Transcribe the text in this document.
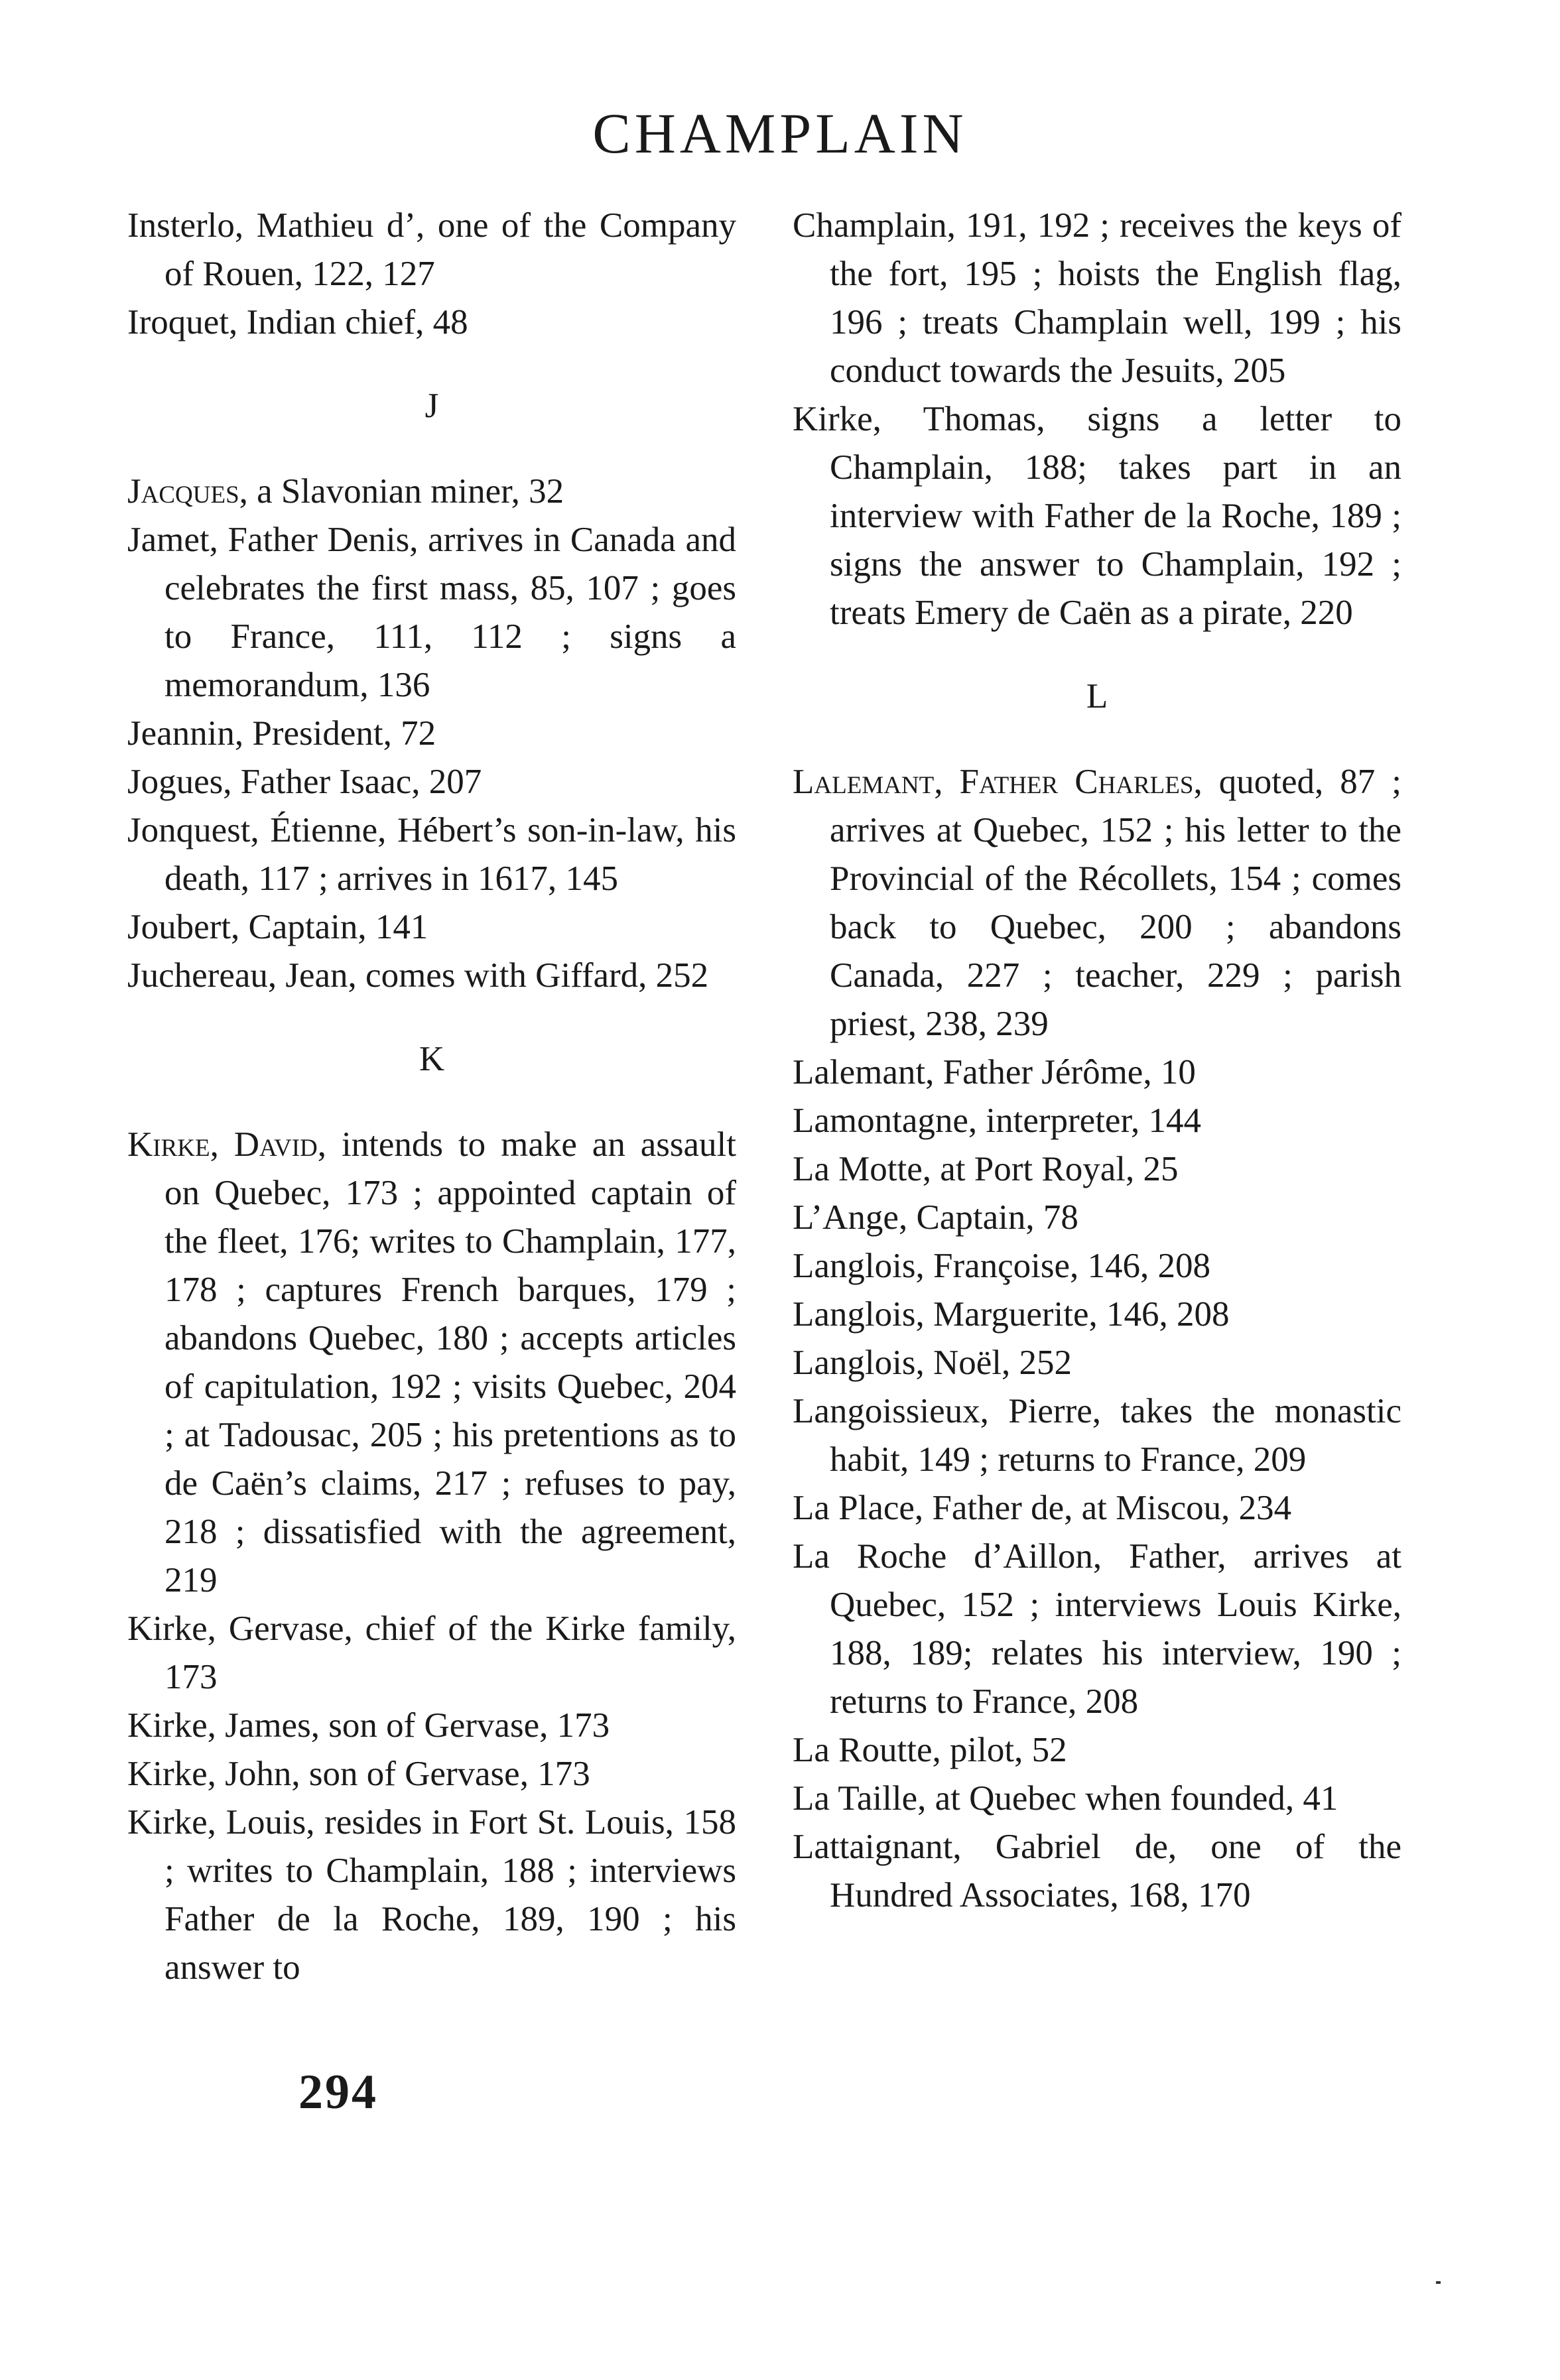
CHAMPLAIN

Insterlo, Mathieu d’, one of the Company of Rouen, 122, 127

Iroquet, Indian chief, 48

J

Jacques, a Slavonian miner, 32

Jamet, Father Denis, arrives in Canada and celebrates the first mass, 85, 107 ; goes to France, 111, 112 ; signs a memorandum, 136

Jeannin, President, 72

Jogues, Father Isaac, 207

Jonquest, Étienne, Hébert’s son-in-law, his death, 117 ; arrives in 1617, 145

Joubert, Captain, 141

Juchereau, Jean, comes with Giffard, 252

K

Kirke, David, intends to make an assault on Quebec, 173 ; appointed captain of the fleet, 176; writes to Champlain, 177, 178 ; captures French barques, 179 ; abandons Quebec, 180 ; accepts articles of capitulation, 192 ; visits Quebec, 204 ; at Tadousac, 205 ; his pretentions as to de Caën’s claims, 217 ; refuses to pay, 218 ; dissatisfied with the agreement, 219

Kirke, Gervase, chief of the Kirke family, 173

Kirke, James, son of Gervase, 173

Kirke, John, son of Gervase, 173

Kirke, Louis, resides in Fort St. Louis, 158 ; writes to Champlain, 188 ; interviews Father de la Roche, 189, 190 ; his answer to

Champlain, 191, 192 ; receives the keys of the fort, 195 ; hoists the English flag, 196 ; treats Champlain well, 199 ; his conduct towards the Jesuits, 205

Kirke, Thomas, signs a letter to Champlain, 188; takes part in an interview with Father de la Roche, 189 ; signs the answer to Champlain, 192 ; treats Emery de Caën as a pirate, 220

L

Lalemant, Father Charles, quoted, 87 ; arrives at Quebec, 152 ; his letter to the Provincial of the Récollets, 154 ; comes back to Quebec, 200 ; abandons Canada, 227 ; teacher, 229 ; parish priest, 238, 239

Lalemant, Father Jérôme, 10

Lamontagne, interpreter, 144

La Motte, at Port Royal, 25

L’Ange, Captain, 78

Langlois, Françoise, 146, 208

Langlois, Marguerite, 146, 208

Langlois, Noël, 252

Langoissieux, Pierre, takes the monastic habit, 149 ; returns to France, 209

La Place, Father de, at Miscou, 234

La Roche d’Aillon, Father, arrives at Quebec, 152 ; interviews Louis Kirke, 188, 189; relates his interview, 190 ; returns to France, 208

La Routte, pilot, 52

La Taille, at Quebec when founded, 41

Lattaignant, Gabriel de, one of the Hundred Associates, 168, 170

294
